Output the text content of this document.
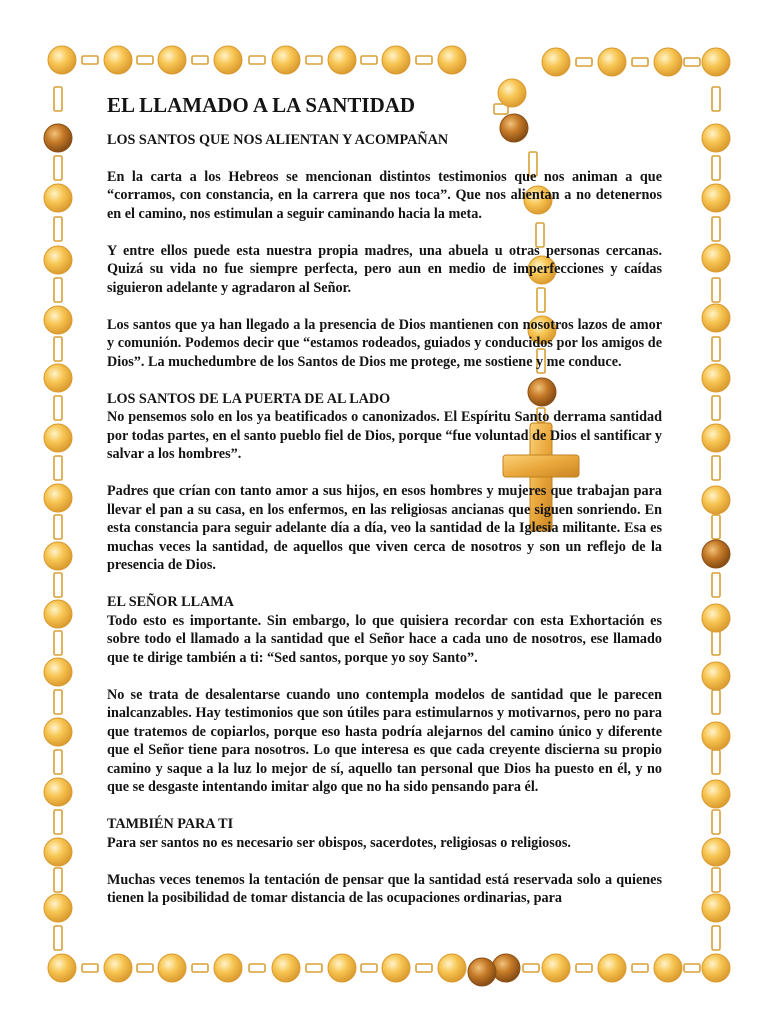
EL LLAMADO A LA SANTIDAD
LOS SANTOS QUE NOS ALIENTAN Y ACOMPAÑAN

En la carta a los Hebreos se mencionan distintos testimonios que nos animan a que “corramos, con constancia, en la carrera que nos toca”. Que nos alientan a no detenernos en el camino, nos estimulan a seguir caminando hacia la meta.

Y entre ellos puede esta nuestra propia madres, una abuela u otras personas cercanas. Quizá su vida no fue siempre perfecta, pero aun en medio de imperfecciones y caídas siguieron adelante y agradaron al Señor.

Los santos que ya han llegado a la presencia de Dios mantienen con nosotros lazos de amor y comunión. Podemos decir que “estamos rodeados, guiados y conducidos por los amigos de Dios”. La muchedumbre de los Santos de Dios me protege, me sostiene y me conduce.

LOS SANTOS DE LA PUERTA DE AL LADO

No pensemos solo en los ya beatificados o canonizados. El Espíritu Santo derrama santidad por todas partes, en el santo pueblo fiel de Dios, porque “fue voluntad de Dios el santificar y salvar a los hombres”.

Padres que crían con tanto amor a sus hijos, en esos hombres y mujeres que trabajan para llevar el pan a su casa, en los enfermos, en las religiosas ancianas que siguen sonriendo. En esta constancia para seguir adelante día a día, veo la santidad de la Iglesia militante. Esa es muchas veces la santidad, de aquellos que viven cerca de nosotros y son un reflejo de la presencia de Dios.

EL SEÑOR LLAMA

Todo esto es importante. Sin embargo, lo que quisiera recordar con esta Exhortación es sobre todo el llamado a la santidad que el Señor hace a cada uno de nosotros, ese llamado que te dirige también a ti: “Sed santos, porque yo soy Santo”.

No se trata de desalentarse cuando uno contempla modelos de santidad que le parecen inalcanzables. Hay testimonios que son útiles para estimularnos y motivarnos, pero no para que tratemos de copiarlos, porque eso hasta podría alejarnos del camino único y diferente que el Señor tiene para nosotros. Lo que interesa es que cada creyente discierna su propio camino y saque a la luz lo mejor de sí, aquello tan personal que Dios ha puesto en él, y no que se desgaste intentando imitar algo que no ha sido pensando para él.

TAMBIÉN PARA TI

Para ser santos no es necesario ser obispos, sacerdotes, religiosas o religiosos.

Muchas veces tenemos la tentación de pensar que la santidad está reservada solo a quienes tienen la posibilidad de tomar distancia de las ocupaciones ordinarias, para
